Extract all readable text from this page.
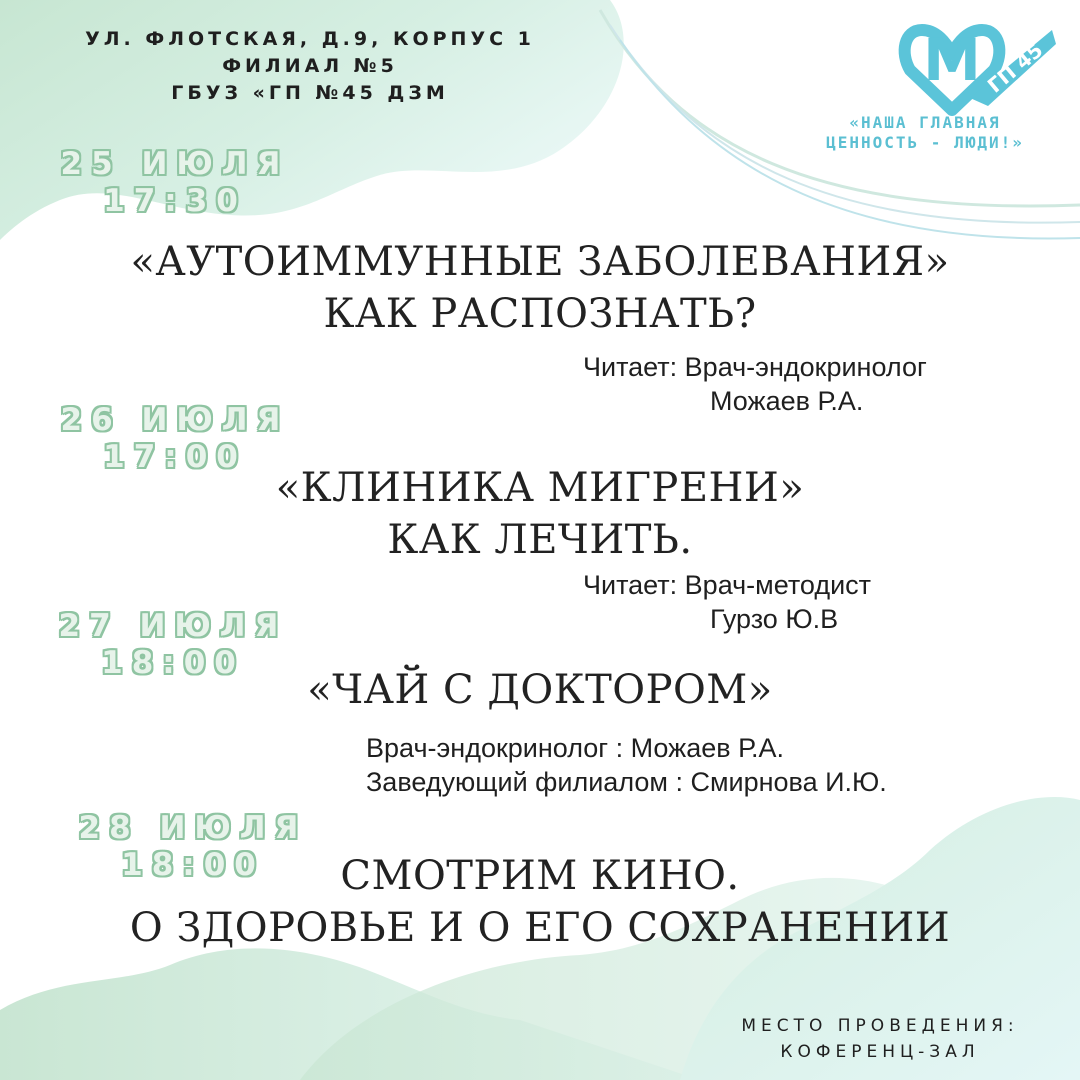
УЛ. ФЛОТСКАЯ, Д.9, КОРПУС 1
ФИЛИАЛ №5
ГБУЗ «ГП №45 ДЗМ	М ГП 45
«НАША ГЛАВНАЯ
ЦЕННОСТЬ - ЛЮДИ!»
25 ИЮЛЯ
17:30
«АУТОИММУННЫЕ ЗАБОЛЕВАНИЯ»
КАК РАСПОЗНАТЬ?
Читает: Врач-эндокринолог
Можаев Р.А.
26 ИЮЛЯ
17:00
«КЛИНИКА МИГРЕНИ»
КАК ЛЕЧИТЬ.
Читает: Врач-методист
Гурзо Ю.В
27 ИЮЛЯ
18:00
«ЧАЙ С ДОКТОРОМ»
Врач-эндокринолог : Можаев Р.А.
Заведующий филиалом : Смирнова И.Ю.
28 ИЮЛЯ
18:00	СМОТРИМ КИНО.
О ЗДОРОВЬЕ И О ЕГО СОХРАНЕНИИ
МЕСТО ПРОВЕДЕНИЯ:
КОФЕРЕНЦ-ЗАЛ
